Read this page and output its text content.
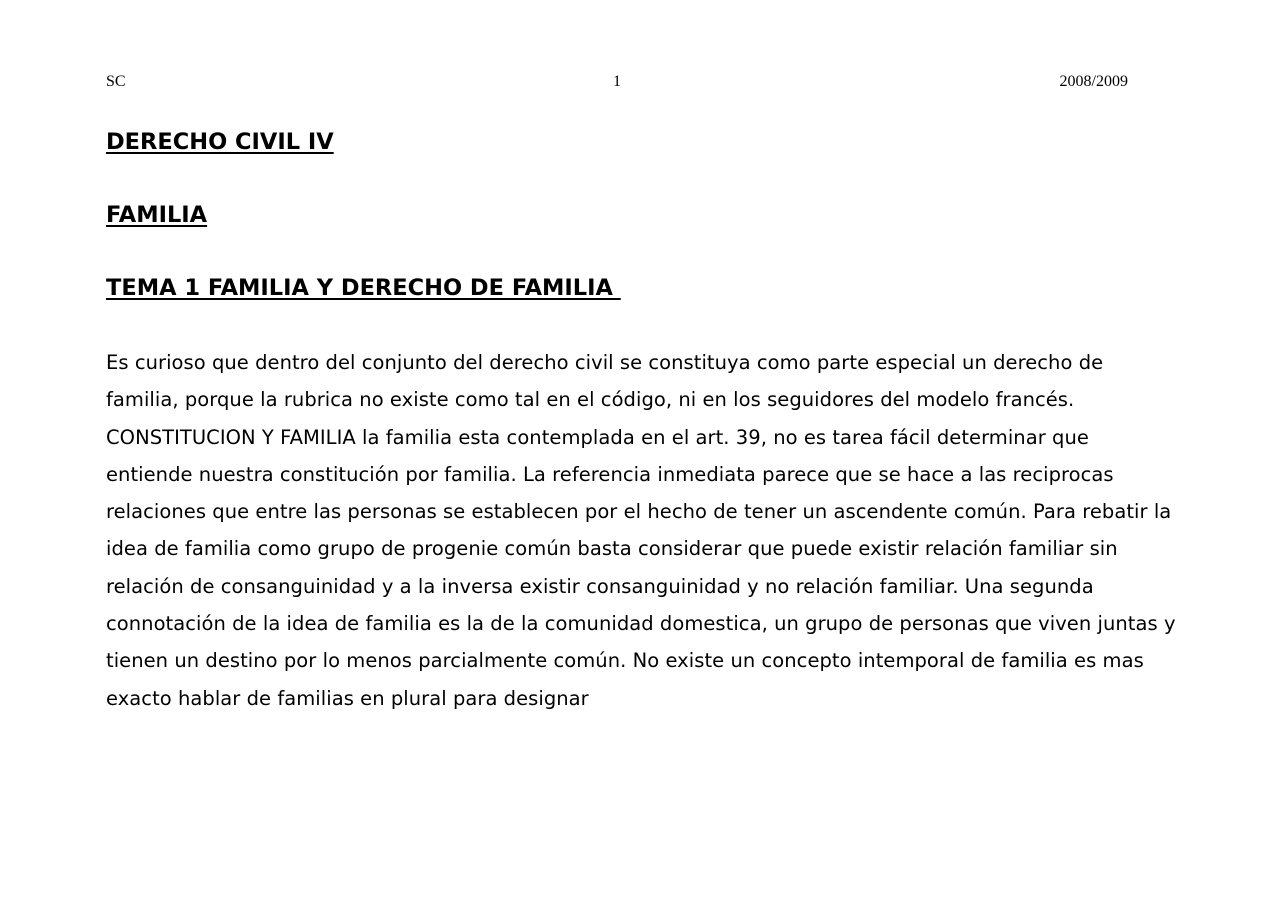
SC	1	2008/2009

DERECHO CIVIL IV

FAMILIA

TEMA 1 FAMILIA Y DERECHO DE FAMILIA

Es curioso que dentro del conjunto del derecho civil se constituya como parte especial un derecho de familia, porque la rubrica no existe como tal en el código, ni en los seguidores del modelo francés.

CONSTITUCION Y FAMILIA la familia esta contemplada en el art. 39, no es tarea fácil determinar que entiende nuestra constitución por familia. La referencia inmediata parece que se hace a las reciprocas relaciones que entre las personas se establecen por el hecho de tener un ascendente común. Para rebatir la idea de familia como grupo de progenie común basta considerar que puede existir relación familiar sin relación de consanguinidad y a la inversa existir consanguinidad y no relación familiar. Una segunda connotación de la idea de familia es la de la comunidad domestica, un grupo de personas que viven juntas y tienen un destino por lo menos parcialmente común. No existe un concepto intemporal de familia es mas exacto hablar de familias en plural para designar
